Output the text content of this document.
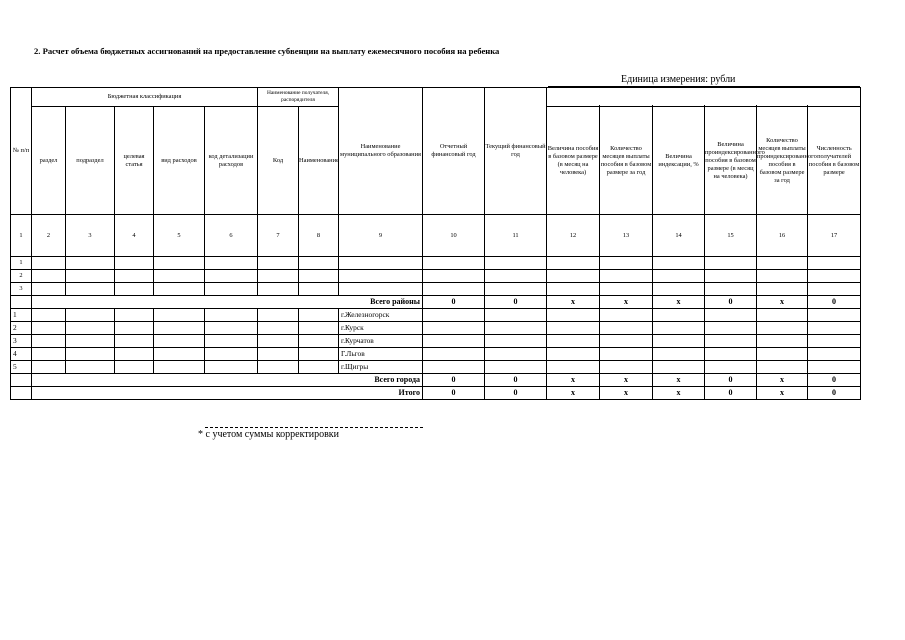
2. Расчет объема бюджетных ассигнований на предоставление субвенции на выплату ежемесячного пособия на ребенка
Единица измерения: рубли
№ п/п	Бюджетная классификация					Наименование получателя, распорядителя		Наименование муниципального образования	Отчетный финансовый год	Текущий финансовый год						

	раздел	подраздел	целевая статья	вид расходов	код детализации расходов	Код	Наименование				Величина пособия в базовом размере (в месяц на человека)	Количество месяцев выплаты пособия в базовом размере за год	Величина индексации, %	Величина проиндексированного пособия в базовом размере (в месяц на человека)	Количество месяцев выплаты проиндексированного пособия в базовом размере за год	Численность получателей пособия в базовом размере
1	2	3	4	5	6	7	8	9	10	11	12	13	14	15	16	17
1																
2																
3																
	Всего районы								0	0	x	x	x	0	x	0
1								г.Железногорск								
2								г.Курск								
3								г.Курчатов								
4								Г.Льгов								
5								г.Щигры								
	Всего города								0	0	x	x	x	0	x	0
	Итого								0	0	x	x	x	0	x	0
* с учетом суммы корректировки
